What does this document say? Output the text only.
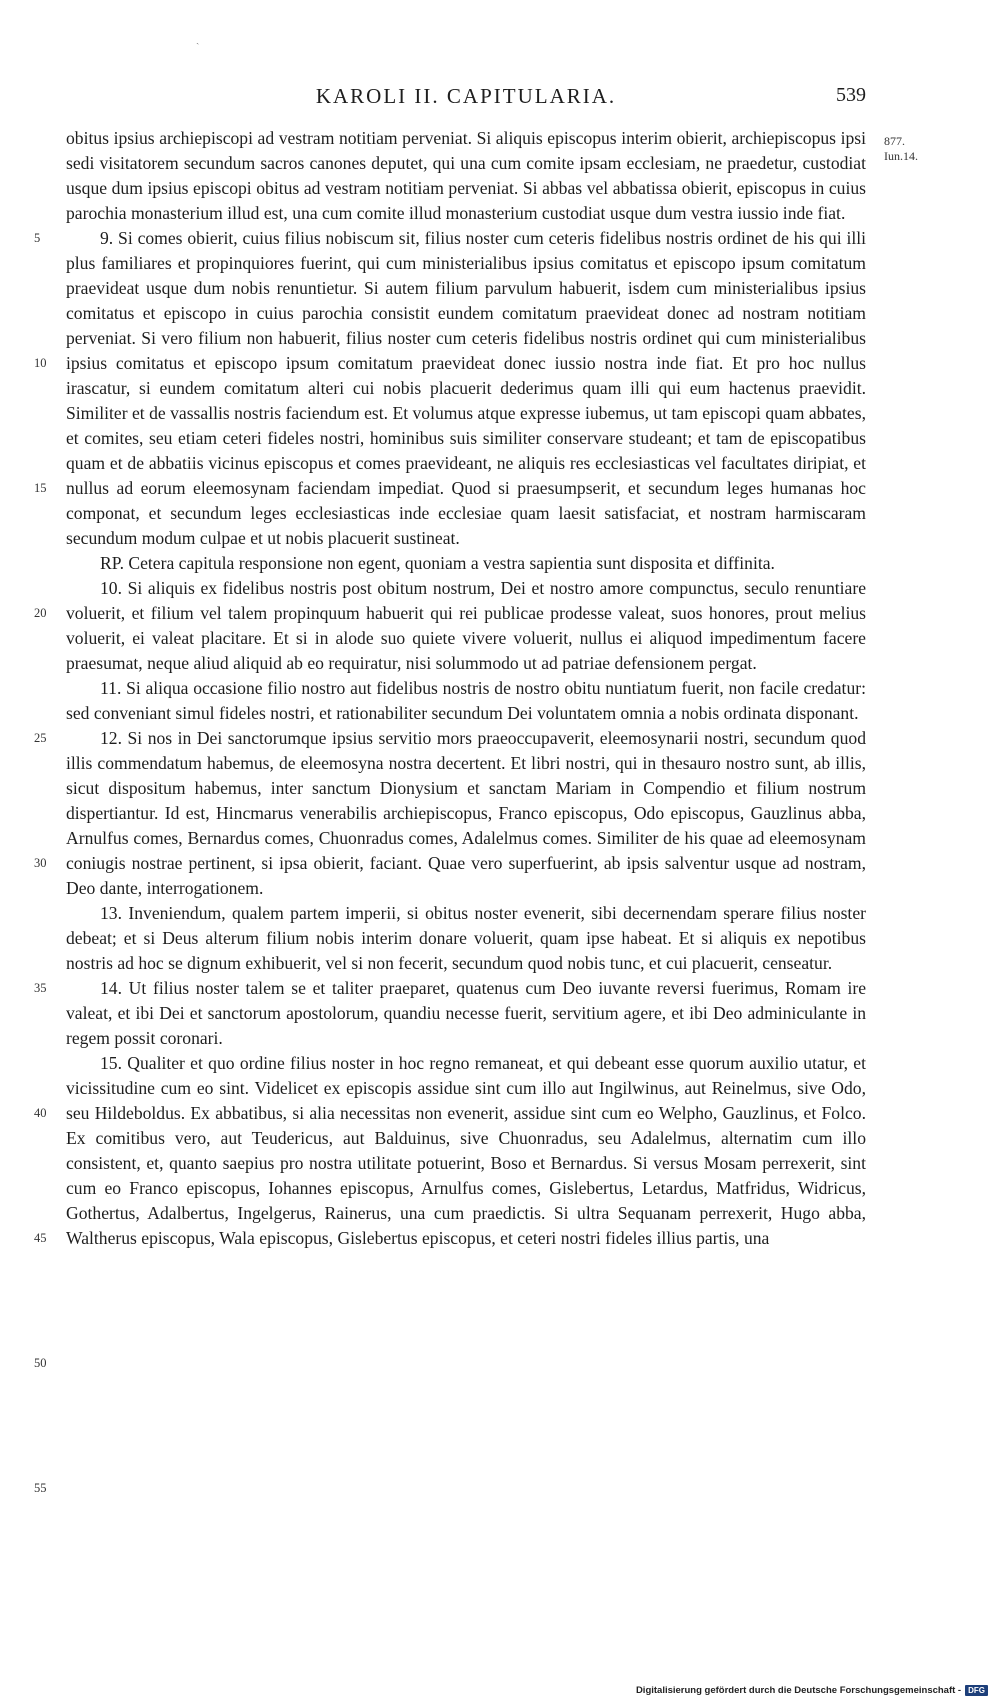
ˎ
KAROLI II. CAPITULARIA.	539
877.
Iun.14.
5
10
15
20
25
30
35
40
45
50
55

obitus ipsius archiepiscopi ad vestram notitiam perveniat. Si aliquis episcopus interim obierit, archiepiscopus ipsi sedi visitatorem secundum sacros canones deputet, qui una cum comite ipsam ecclesiam, ne praedetur, custodiat usque dum ipsius episcopi obitus ad vestram notitiam perveniat. Si abbas vel abbatissa obierit, episcopus in cuius parochia monasterium illud est, una cum comite illud monasterium custodiat usque dum vestra iussio inde fiat.

9. Si comes obierit, cuius filius nobiscum sit, filius noster cum ceteris fidelibus nostris ordinet de his qui illi plus familiares et propinquiores fuerint, qui cum ministerialibus ipsius comitatus et episcopo ipsum comitatum praevideat usque dum nobis renuntietur. Si autem filium parvulum habuerit, isdem cum ministerialibus ipsius comitatus et episcopo in cuius parochia consistit eundem comitatum praevideat donec ad nostram notitiam perveniat. Si vero filium non habuerit, filius noster cum ceteris fidelibus nostris ordinet qui cum ministerialibus ipsius comitatus et episcopo ipsum comitatum praevideat donec iussio nostra inde fiat. Et pro hoc nullus irascatur, si eundem comitatum alteri cui nobis placuerit dederimus quam illi qui eum hactenus praevidit. Similiter et de vassallis nostris faciendum est. Et volumus atque expresse iubemus, ut tam episcopi quam abbates, et comites, seu etiam ceteri fideles nostri, hominibus suis similiter conservare studeant; et tam de episcopatibus quam et de abbatiis vicinus episcopus et comes praevideant, ne aliquis res ecclesiasticas vel facultates diripiat, et nullus ad eorum eleemosynam faciendam impediat. Quod si praesumpserit, et secundum leges humanas hoc componat, et secundum leges ecclesiasticas inde ecclesiae quam laesit satisfaciat, et nostram harmiscaram secundum modum culpae et ut nobis placuerit sustineat.

RP. Cetera capitula responsione non egent, quoniam a vestra sapientia sunt disposita et diffinita.

10. Si aliquis ex fidelibus nostris post obitum nostrum, Dei et nostro amore compunctus, seculo renuntiare voluerit, et filium vel talem propinquum habuerit qui rei publicae prodesse valeat, suos honores, prout melius voluerit, ei valeat placitare. Et si in alode suo quiete vivere voluerit, nullus ei aliquod impedimentum facere praesumat, neque aliud aliquid ab eo requiratur, nisi solummodo ut ad patriae defensionem pergat.

11. Si aliqua occasione filio nostro aut fidelibus nostris de nostro obitu nuntiatum fuerit, non facile credatur: sed conveniant simul fideles nostri, et rationabiliter secundum Dei voluntatem omnia a nobis ordinata disponant.

12. Si nos in Dei sanctorumque ipsius servitio mors praeoccupaverit, eleemosynarii nostri, secundum quod illis commendatum habemus, de eleemosyna nostra decertent. Et libri nostri, qui in thesauro nostro sunt, ab illis, sicut dispositum habemus, inter sanctum Dionysium et sanctam Mariam in Compendio et filium nostrum dispertiantur. Id est, Hincmarus venerabilis archiepiscopus, Franco episcopus, Odo episcopus, Gauzlinus abba, Arnulfus comes, Bernardus comes, Chuonradus comes, Adalelmus comes. Similiter de his quae ad eleemosynam coniugis nostrae pertinent, si ipsa obierit, faciant. Quae vero superfuerint, ab ipsis salventur usque ad nostram, Deo dante, interrogationem.

13. Inveniendum, qualem partem imperii, si obitus noster evenerit, sibi decernendam sperare filius noster debeat; et si Deus alterum filium nobis interim donare voluerit, quam ipse habeat. Et si aliquis ex nepotibus nostris ad hoc se dignum exhibuerit, vel si non fecerit, secundum quod nobis tunc, et cui placuerit, censeatur.

14. Ut filius noster talem se et taliter praeparet, quatenus cum Deo iuvante reversi fuerimus, Romam ire valeat, et ibi Dei et sanctorum apostolorum, quandiu necesse fuerit, servitium agere, et ibi Deo adminiculante in regem possit coronari.

15. Qualiter et quo ordine filius noster in hoc regno remaneat, et qui debeant esse quorum auxilio utatur, et vicissitudine cum eo sint. Videlicet ex episcopis assidue sint cum illo aut Ingilwinus, aut Reinelmus, sive Odo, seu Hildeboldus. Ex abbatibus, si alia necessitas non evenerit, assidue sint cum eo Welpho, Gauzlinus, et Folco. Ex comitibus vero, aut Teudericus, aut Balduinus, sive Chuonradus, seu Adalelmus, alternatim cum illo consistent, et, quanto saepius pro nostra utilitate potuerint, Boso et Bernardus. Si versus Mosam perrexerit, sint cum eo Franco episcopus, Iohannes episcopus, Arnulfus comes, Gislebertus, Letardus, Matfridus, Widricus, Gothertus, Adalbertus, Ingelgerus, Rainerus, una cum praedictis. Si ultra Sequanam perrexerit, Hugo abba, Waltherus episcopus, Wala episcopus, Gislebertus episcopus, et ceteri nostri fideles illius partis, una

Digitalisierung gefördert durch die Deutsche Forschungsgemeinschaft - DFG
